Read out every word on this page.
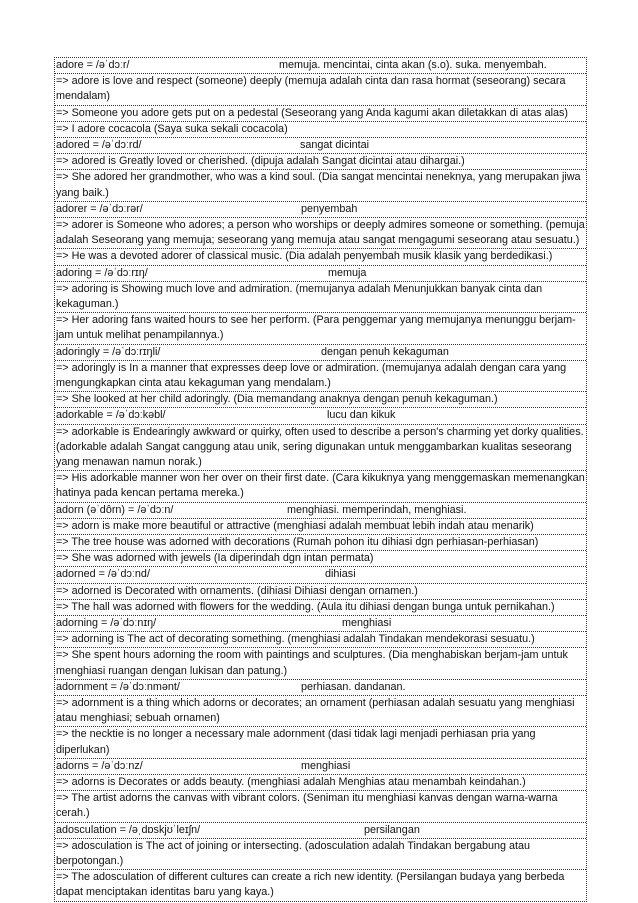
adore = /əˈdɔːr/	memuja. mencintai, cinta akan (s.o). suka. menyembah.
=> adore is love and respect (someone) deeply (memuja adalah cinta dan rasa hormat (seseorang) secara mendalam)
=> Someone you adore gets put on a pedestal (Seseorang yang Anda kagumi akan diletakkan di atas alas)
=> I adore cocacola (Saya suka sekali cocacola)
adored = /əˈdɔːrd/	sangat dicintai
=> adored is Greatly loved or cherished. (dipuja adalah Sangat dicintai atau dihargai.)
=> She adored her grandmother, who was a kind soul. (Dia sangat mencintai neneknya, yang merupakan jiwa yang baik.)
adorer = /əˈdɔːrər/	penyembah
=> adorer is Someone who adores; a person who worships or deeply admires someone or something. (pemuja adalah Seseorang yang memuja; seseorang yang memuja atau sangat mengagumi seseorang atau sesuatu.)
=> He was a devoted adorer of classical music. (Dia adalah penyembah musik klasik yang berdedikasi.)
adoring = /əˈdɔːrɪŋ/	memuja
=> adoring is Showing much love and admiration. (memujanya adalah Menunjukkan banyak cinta dan kekaguman.)
=> Her adoring fans waited hours to see her perform. (Para penggemar yang memujanya menunggu berjam-jam untuk melihat penampilannya.)
adoringly = /əˈdɔːrɪŋli/	dengan penuh kekaguman
=> adoringly is In a manner that expresses deep love or admiration. (memujanya adalah dengan cara yang mengungkapkan cinta atau kekaguman yang mendalam.)
=> She looked at her child adoringly. (Dia memandang anaknya dengan penuh kekaguman.)
adorkable = /əˈdɔːkəbl/	lucu dan kikuk
=> adorkable is Endearingly awkward or quirky, often used to describe a person's charming yet dorky qualities. (adorkable adalah Sangat canggung atau unik, sering digunakan untuk menggambarkan kualitas seseorang yang menawan namun norak.)
=> His adorkable manner won her over on their first date. (Cara kikuknya yang menggemaskan memenangkan hatinya pada kencan pertama mereka.)
adorn (əˈdôrn) = /əˈdɔːn/	menghiasi. memperindah, menghiasi.
=> adorn is make more beautiful or attractive (menghiasi adalah membuat lebih indah atau menarik)
=> The tree house was adorned with decorations (Rumah pohon itu dihiasi dgn perhiasan-perhiasan)
=> She was adorned with jewels (Ia diperindah dgn intan permata)
adorned = /əˈdɔːnd/	dihiasi
=> adorned is Decorated with ornaments. (dihiasi Dihiasi dengan ornamen.)
=> The hall was adorned with flowers for the wedding. (Aula itu dihiasi dengan bunga untuk pernikahan.)
adorning = /əˈdɔːnɪŋ/	menghiasi
=> adorning is The act of decorating something. (menghiasi adalah Tindakan mendekorasi sesuatu.)
=> She spent hours adorning the room with paintings and sculptures. (Dia menghabiskan berjam-jam untuk menghiasi ruangan dengan lukisan dan patung.)
adornment = /əˈdɔːnmənt/	perhiasan. dandanan.
=> adornment is a thing which adorns or decorates; an ornament (perhiasan adalah sesuatu yang menghiasi atau menghiasi; sebuah ornamen)
=> the necktie is no longer a necessary male adornment (dasi tidak lagi menjadi perhiasan pria yang diperlukan)
adorns = /əˈdɔːnz/	menghiasi
=> adorns is Decorates or adds beauty. (menghiasi adalah Menghias atau menambah keindahan.)
=> The artist adorns the canvas with vibrant colors. (Seniman itu menghiasi kanvas dengan warna-warna cerah.)
adosculation = /əˌdɒskjʊˈleɪʃn/	persilangan
=> adosculation is The act of joining or intersecting. (adosculation adalah Tindakan bergabung atau berpotongan.)
=> The adosculation of different cultures can create a rich new identity. (Persilangan budaya yang berbeda dapat menciptakan identitas baru yang kaya.)
